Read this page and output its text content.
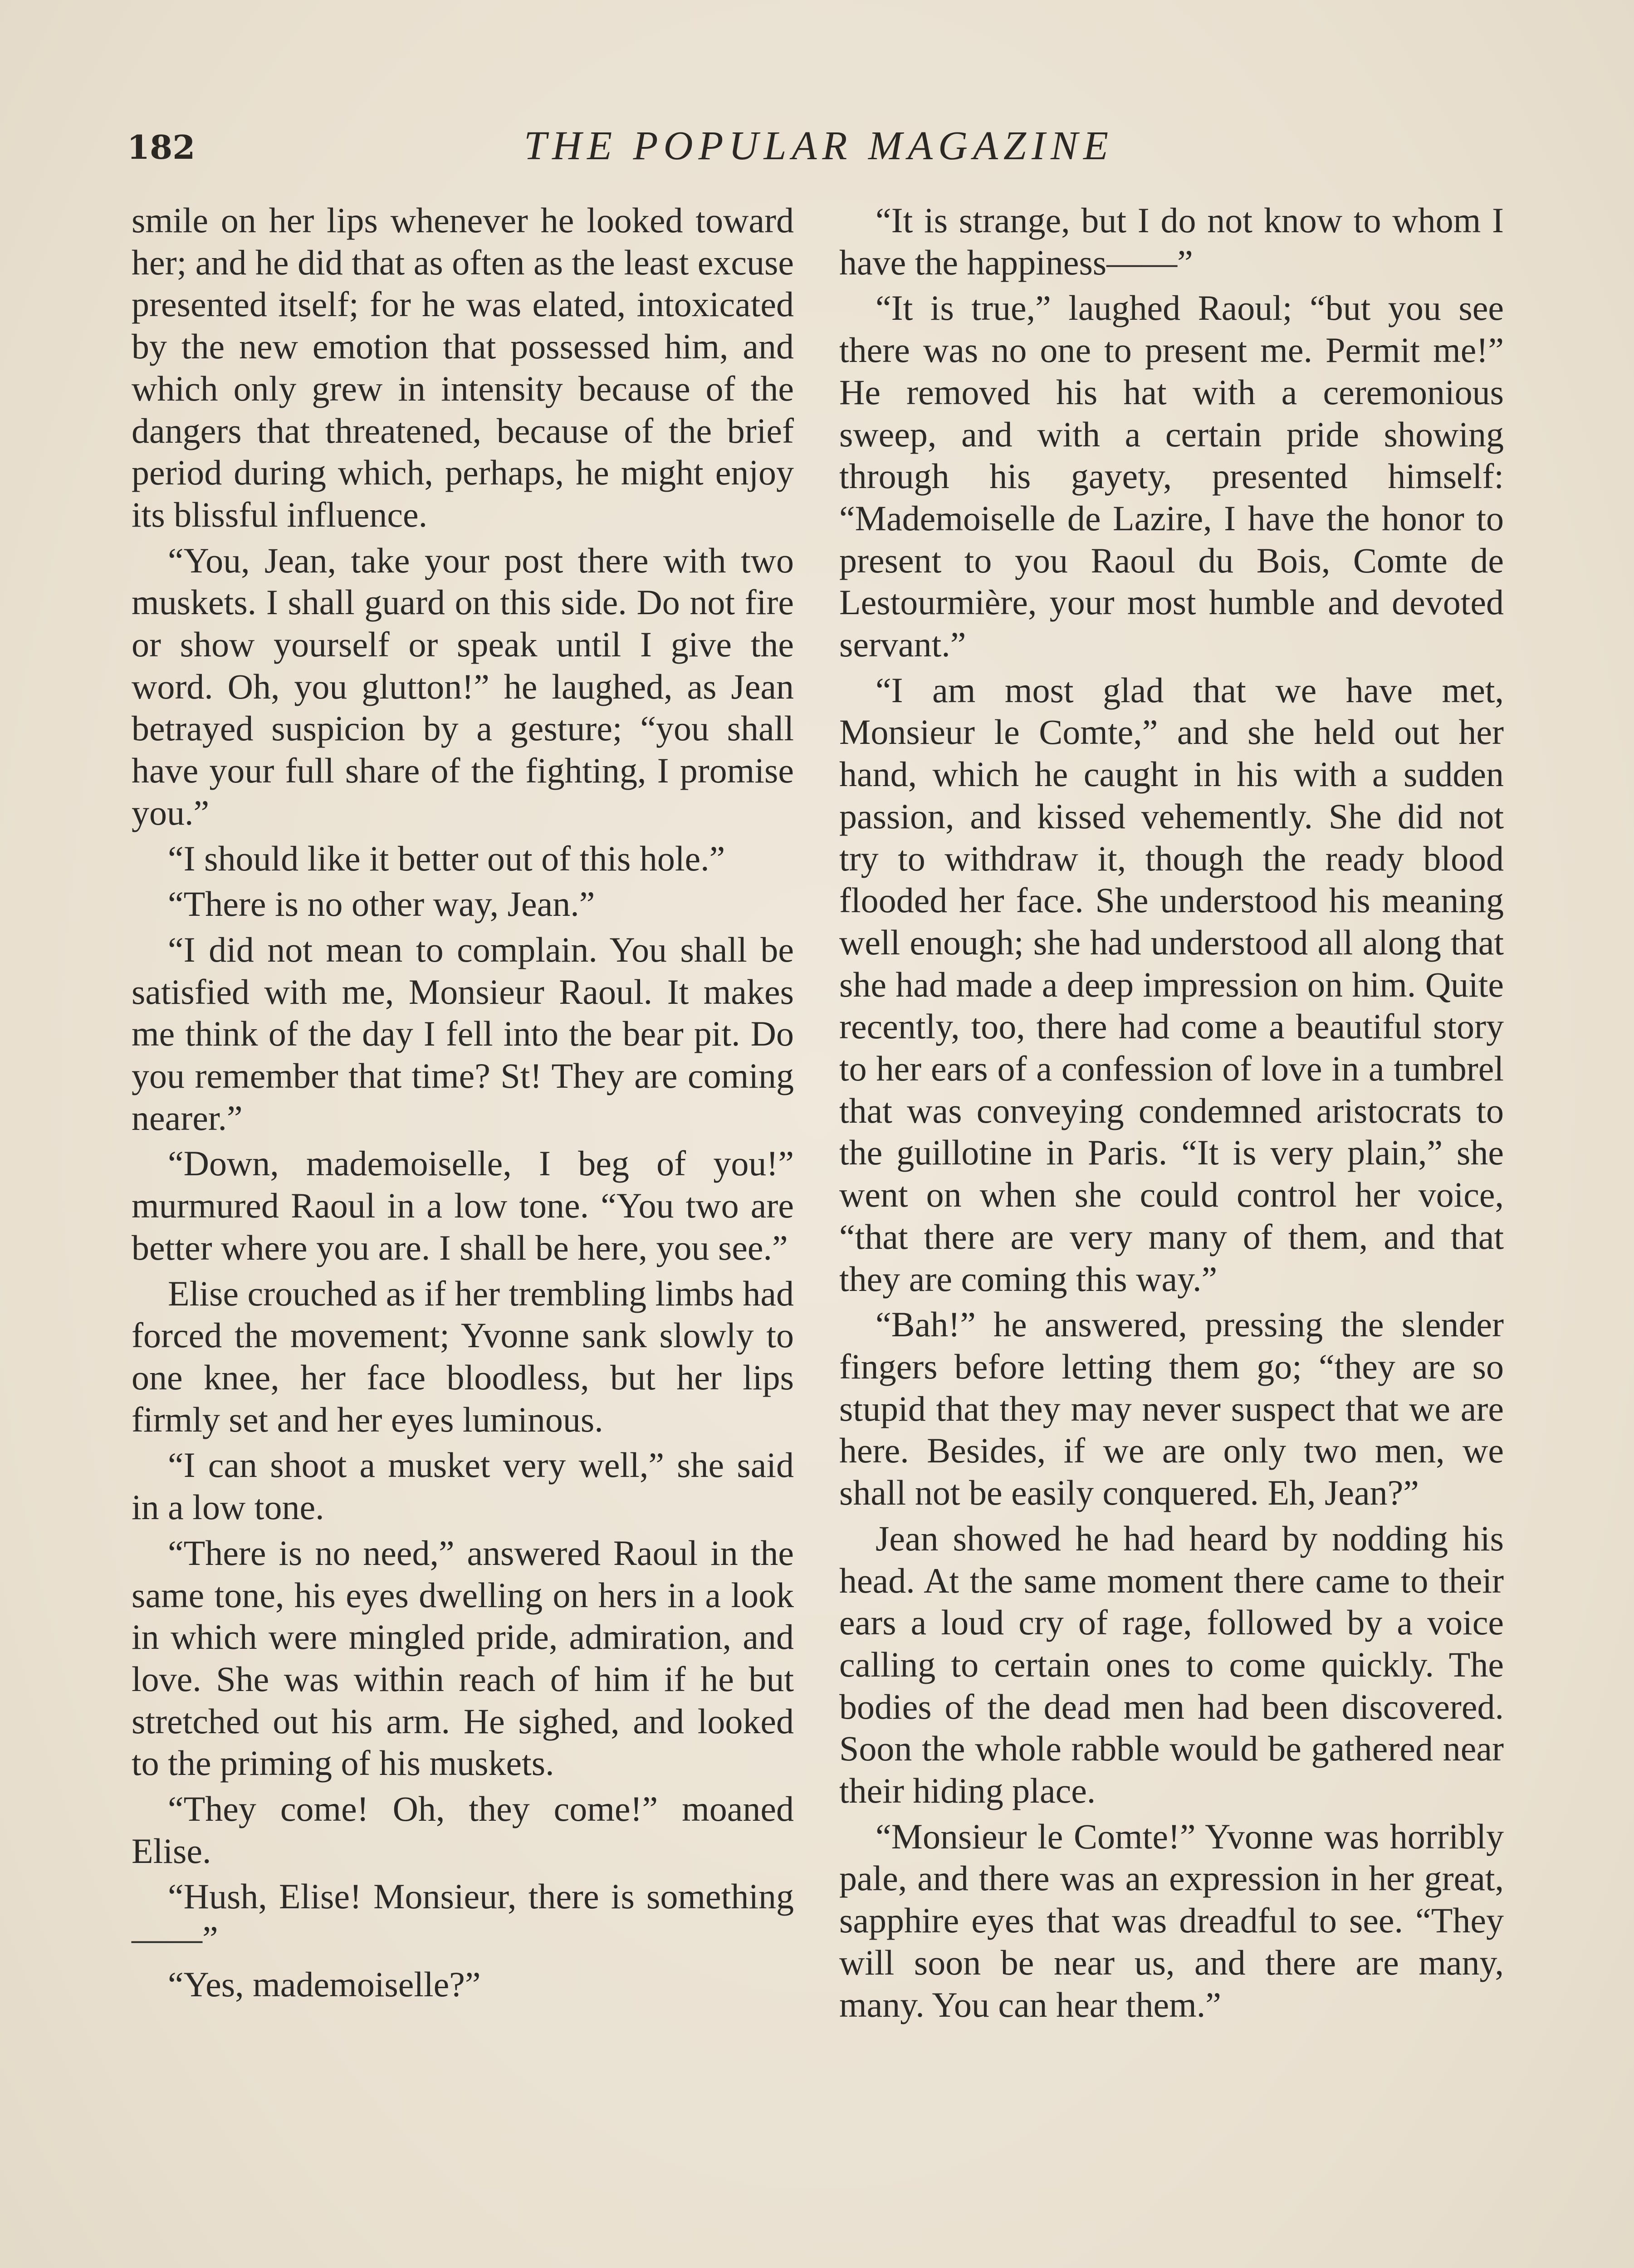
182	THE POPULAR MAGAZINE

smile on her lips whenever he looked toward her; and he did that as often as the least excuse presented itself; for he was elated, intoxicated by the new emotion that possessed him, and which only grew in intensity because of the dangers that threatened, because of the brief period during which, perhaps, he might enjoy its blissful influence.

“You, Jean, take your post there with two muskets. I shall guard on this side. Do not fire or show yourself or speak until I give the word. Oh, you glutton!” he laughed, as Jean betrayed suspicion by a gesture; “you shall have your full share of the fighting, I promise you.”

“I should like it better out of this hole.”

“There is no other way, Jean.”

“I did not mean to complain. You shall be satisfied with me, Monsieur Raoul. It makes me think of the day I fell into the bear pit. Do you remember that time? St! They are coming nearer.”

“Down, mademoiselle, I beg of you!” murmured Raoul in a low tone. “You two are better where you are. I shall be here, you see.”

Elise crouched as if her trembling limbs had forced the movement; Yvonne sank slowly to one knee, her face bloodless, but her lips firmly set and her eyes luminous.

“I can shoot a musket very well,” she said in a low tone.

“There is no need,” answered Raoul in the same tone, his eyes dwelling on hers in a look in which were mingled pride, admiration, and love. She was within reach of him if he but stretched out his arm. He sighed, and looked to the priming of his muskets.

“They come! Oh, they come!” moaned Elise.

“Hush, Elise! Monsieur, there is something——”

“Yes, mademoiselle?”

“It is strange, but I do not know to whom I have the happiness——”

“It is true,” laughed Raoul; “but you see there was no one to present me. Permit me!” He removed his hat with a ceremonious sweep, and with a certain pride showing through his gayety, presented himself: “Mademoiselle de Lazire, I have the honor to present to you Raoul du Bois, Comte de Lestourmière, your most humble and devoted servant.”

“I am most glad that we have met, Monsieur le Comte,” and she held out her hand, which he caught in his with a sudden passion, and kissed vehemently. She did not try to withdraw it, though the ready blood flooded her face. She understood his meaning well enough; she had understood all along that she had made a deep impression on him. Quite recently, too, there had come a beautiful story to her ears of a confession of love in a tumbrel that was conveying condemned aristocrats to the guillotine in Paris. “It is very plain,” she went on when she could control her voice, “that there are very many of them, and that they are coming this way.”

“Bah!” he answered, pressing the slender fingers before letting them go; “they are so stupid that they may never suspect that we are here. Besides, if we are only two men, we shall not be easily conquered. Eh, Jean?”

Jean showed he had heard by nodding his head. At the same moment there came to their ears a loud cry of rage, followed by a voice calling to certain ones to come quickly. The bodies of the dead men had been discovered. Soon the whole rabble would be gathered near their hiding place.

“Monsieur le Comte!” Yvonne was horribly pale, and there was an expression in her great, sapphire eyes that was dreadful to see. “They will soon be near us, and there are many, many. You can hear them.”
